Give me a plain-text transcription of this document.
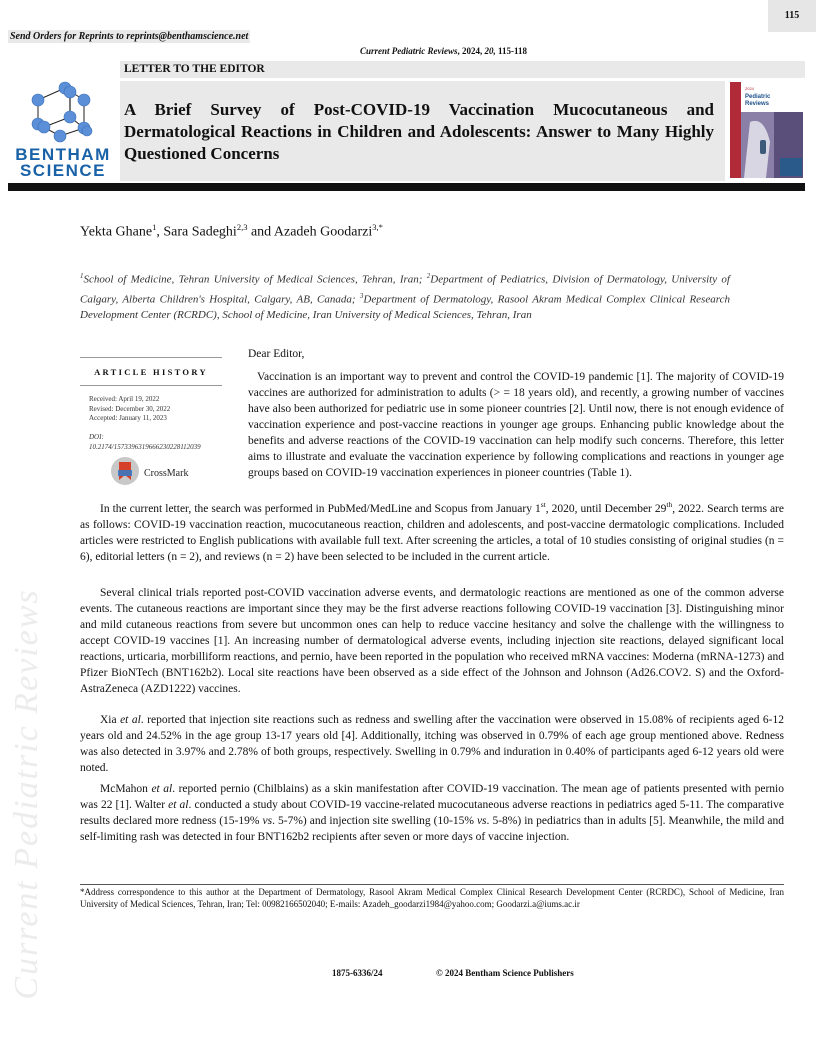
115
Send Orders for Reprints to reprints@benthamscience.net
Current Pediatric Reviews, 2024, 20, 115-118
LETTER TO THE EDITOR
BENTHAM
SCIENCE
A Brief Survey of Post-COVID-19 Vaccination Mucocutaneous and Dermatological Reactions in Children and Adolescents: Answer to Many Highly Questioned Concerns
2024
Pediatric
Reviews
Yekta Ghane$^1$, Sara Sadeghi$^{2,3}$ and Azadeh Goodarzi$^{3,*}$
$^1$School of Medicine, Tehran University of Medical Sciences, Tehran, Iran; $^2$Department of Pediatrics, Division of Dermatology, University of Calgary, Alberta Children's Hospital, Calgary, AB, Canada; $^3$Department of Dermatology, Rasool Akram Medical Complex Clinical Research Development Center (RCRDC), School of Medicine, Iran University of Medical Sciences, Tehran, Iran
ARTICLE HISTORY
Received: April 19, 2022
Revised: December 30, 2022
Accepted: January 11, 2023
DOI:
10.2174/1573396319666230228112039
CrossMark
Dear Editor,
Vaccination is an important way to prevent and control the COVID-19 pandemic [1]. The majority of COVID-19 vaccines are authorized for administration to adults (> = 18 years old), and recently, a growing number of vaccines have also been authorized for pediatric use in some pioneer countries [2]. Until now, there is not enough evidence of vaccination experience and post-vaccine reactions in younger age groups. Enhancing public knowledge about the benefits and adverse reactions of the COVID-19 vaccination can help modify such concerns. Therefore, this letter aims to illustrate and evaluate the vaccination experience by following complications and reactions in younger age groups based on COVID-19 vaccination experiences in pioneer countries (Table 1).
In the current letter, the search was performed in PubMed/MedLine and Scopus from January 1st, 2020, until December 29th, 2022. Search terms are as follows: COVID-19 vaccination reaction, mucocutaneous reaction, children and adolescents, and post-vaccine dermatologic complications. Included articles were restricted to English publications with available full text. After screening the articles, a total of 10 studies consisting of original studies (n = 6), editorial letters (n = 2), and reviews (n = 2) have been selected to be included in the current article.
Several clinical trials reported post-COVID vaccination adverse events, and dermatologic reactions are mentioned as one of the common adverse events. The cutaneous reactions are important since they may be the first adverse reactions following COVID-19 vaccination [3]. Distinguishing minor and mild cutaneous reactions from severe but uncommon ones can help to reduce vaccine hesitancy and solve the challenge with the willingness to accept COVID-19 vaccines [1]. An increasing number of dermatological adverse events, including injection site reactions, delayed significant local reactions, urticaria, morbilliform reactions, and pernio, have been reported in the population who received mRNA vaccines: Moderna (mRNA-1273) and Pfizer BioNTech (BNT162b2). Local site reactions have been observed as a side effect of the Johnson and Johnson (Ad26.COV2. S) and the Oxford-AstraZeneca (AZD1222) vaccines.
Xia et al. reported that injection site reactions such as redness and swelling after the vaccination were observed in 15.08% of recipients aged 6-12 years old and 24.52% in the age group 13-17 years old [4]. Additionally, itching was observed in 0.79% of each age group mentioned above. Redness was also detected in 3.97% and 2.78% of both groups, respectively. Swelling in 0.79% and induration in 0.40% of participants aged 6-12 years old were noted.
McMahon et al. reported pernio (Chilblains) as a skin manifestation after COVID-19 vaccination. The mean age of patients presented with pernio was 22 [1]. Walter et al. conducted a study about COVID-19 vaccine-related mucocutaneous adverse reactions in pediatrics aged 5-11. The comparative results declared more redness (15-19% vs. 5-7%) and injection site swelling (10-15% vs. 5-8%) in pediatrics than in adults [5]. Meanwhile, the mild and self-limiting rash was detected in four BNT162b2 recipients after seven or more days of vaccine injection.
*Address correspondence to this author at the Department of Dermatology, Rasool Akram Medical Complex Clinical Research Development Center (RCRDC), School of Medicine, Iran University of Medical Sciences, Tehran, Iran; Tel: 00982166502040; E-mails: Azadeh_goodarzi1984@yahoo.com; Goodarzi.a@iums.ac.ir
1875-6336/24	© 2024 Bentham Science Publishers
Current Pediatric Reviews
